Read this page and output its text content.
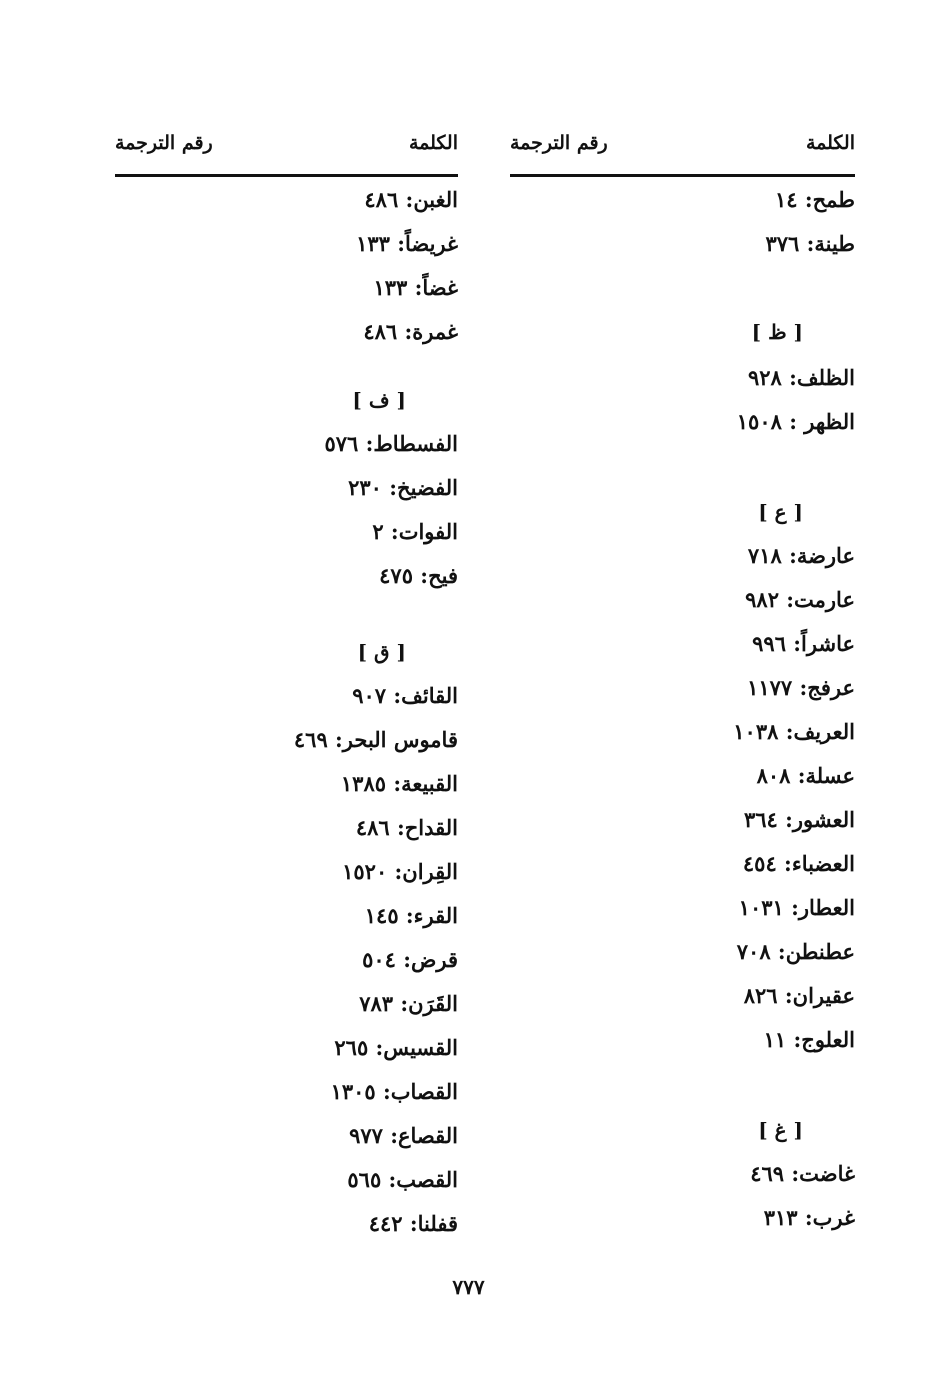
الكلمة
رقم الترجمة
طمح: ١٤
طينة: ٣٧٦
[ ظ ]
الظلف: ٩٢٨
الظهر : ١٥٠٨
[ ع ]
عارضة: ٧١٨
عارمت: ٩٨٢
عاشراً: ٩٩٦
عرفج: ١١٧٧
العريف: ١٠٣٨
عسلة: ٨٠٨
العشور: ٣٦٤
العضباء: ٤٥٤
العطار: ١٠٣١
عطنطن: ٧٠٨
عقيران: ٨٢٦
العلوج: ١١
[ غ ]
غاضت: ٤٦٩
غرب: ٣١٣
الكلمة
رقم الترجمة
الغبن: ٤٨٦
غريضاً: ١٣٣
غضاً: ١٣٣
غمرة: ٤٨٦
[ ف ]
الفسطاط: ٥٧٦
الفضيخ: ٢٣٠
الفوات: ٢
فيح: ٤٧٥
[ ق ]
القائف: ٩٠٧
قاموس البحر: ٤٦٩
القبيعة: ١٣٨٥
القداح: ٤٨٦
القِران: ١٥٢٠
القرء: ١٤٥
قرض: ٥٠٤
القَرَن: ٧٨٣
القسيس: ٢٦٥
القصاب: ١٣٠٥
القصاع: ٩٧٧
القصب: ٥٦٥
قفلنا: ٤٤٢
٧٧٧
